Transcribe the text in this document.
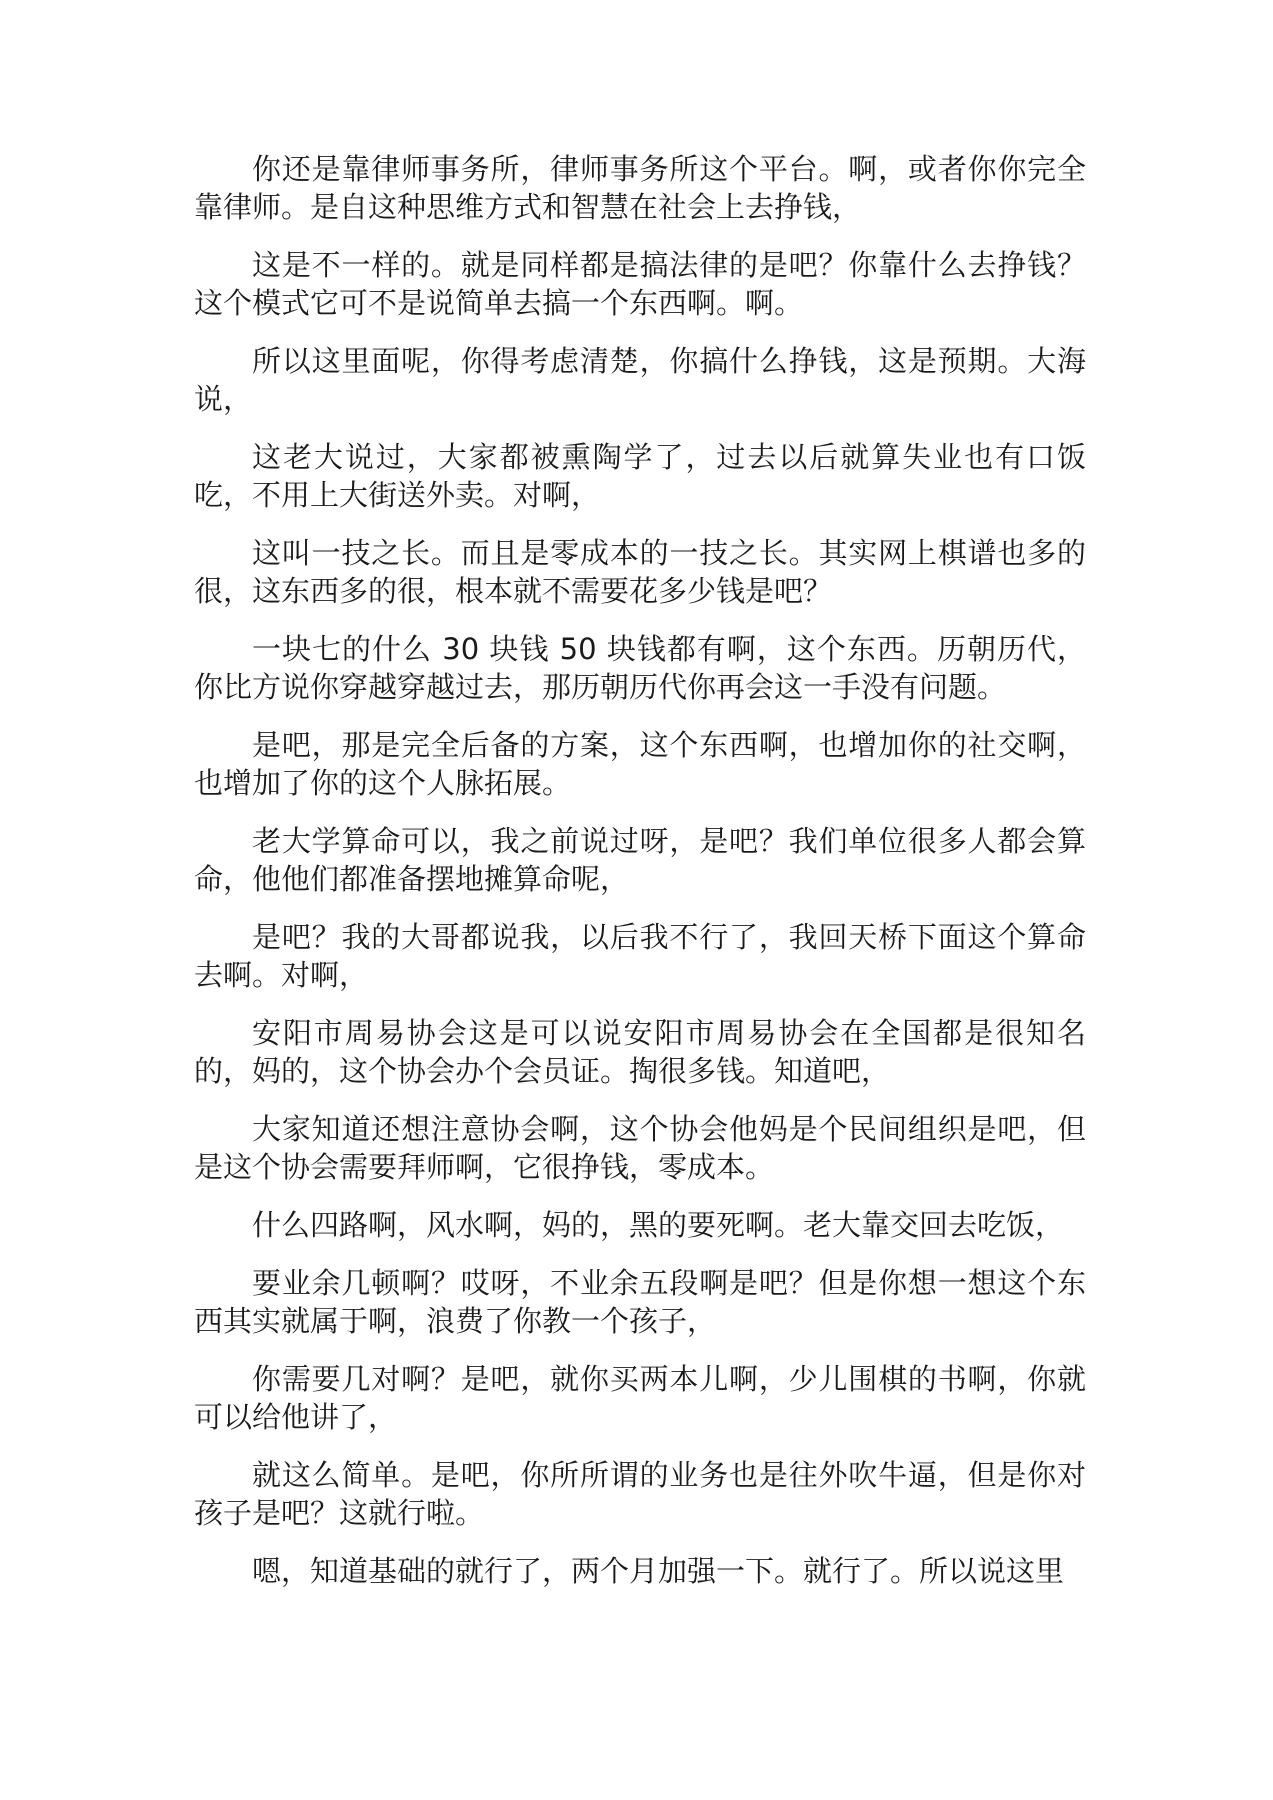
你还是靠律师事务所，律师事务所这个平台。啊，或者你你完全靠律师。是自这种思维方式和智慧在社会上去挣钱，

这是不一样的。就是同样都是搞法律的是吧？你靠什么去挣钱？这个模式它可不是说简单去搞一个东西啊。啊。

所以这里面呢，你得考虑清楚，你搞什么挣钱，这是预期。大海说，

这老大说过，大家都被熏陶学了，过去以后就算失业也有口饭吃，不用上大街送外卖。对啊，

这叫一技之长。而且是零成本的一技之长。其实网上棋谱也多的很，这东西多的很，根本就不需要花多少钱是吧？

一块七的什么 30 块钱 50 块钱都有啊，这个东西。历朝历代，你比方说你穿越穿越过去，那历朝历代你再会这一手没有问题。

是吧，那是完全后备的方案，这个东西啊，也增加你的社交啊，也增加了你的这个人脉拓展。

老大学算命可以，我之前说过呀，是吧？我们单位很多人都会算命，他他们都准备摆地摊算命呢，

是吧？我的大哥都说我，以后我不行了，我回天桥下面这个算命去啊。对啊，

安阳市周易协会这是可以说安阳市周易协会在全国都是很知名的，妈的，这个协会办个会员证。掏很多钱。知道吧，

大家知道还想注意协会啊，这个协会他妈是个民间组织是吧，但是这个协会需要拜师啊，它很挣钱，零成本。

什么四路啊，风水啊，妈的，黑的要死啊。老大靠交回去吃饭，

要业余几顿啊？哎呀，不业余五段啊是吧？但是你想一想这个东西其实就属于啊，浪费了你教一个孩子，

你需要几对啊？是吧，就你买两本儿啊，少儿围棋的书啊，你就可以给他讲了，

就这么简单。是吧，你所所谓的业务也是往外吹牛逼，但是你对孩子是吧？这就行啦。

嗯，知道基础的就行了，两个月加强一下。就行了。所以说这里
